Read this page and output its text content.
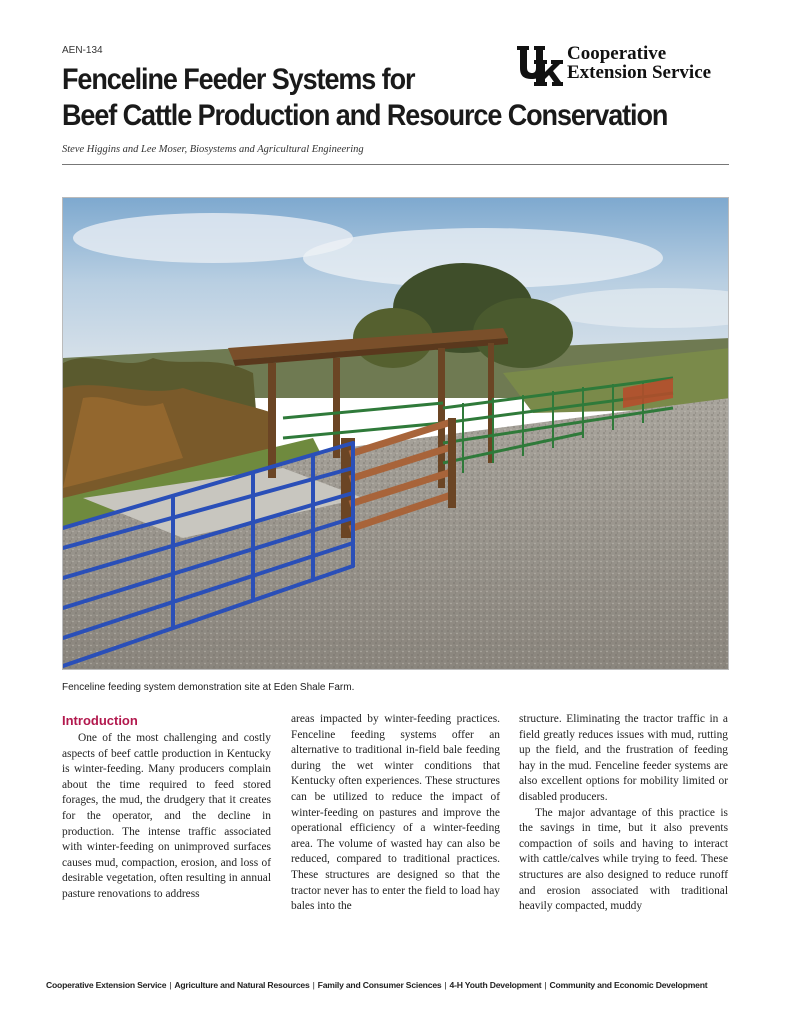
AEN-134	Cooperative
Extension Service
Fenceline Feeder Systems for
Beef Cattle Production and Resource Conservation
Steve Higgins and Lee Moser, Biosystems and Agricultural Engineering
Fenceline feeding system demonstration site at Eden Shale Farm.
Introduction

One of the most challenging and costly aspects of beef cattle production in Kentucky is winter-feeding. Many producers complain about the time required to feed stored forages, the mud, the drudgery that it creates for the operator, and the decline in production. The intense traffic associated with winter-feeding on unimproved surfaces causes mud, compaction, erosion, and loss of desirable vegetation, often resulting in annual pasture renovations to address

areas impacted by winter-feeding practices. Fenceline feeding systems offer an alternative to traditional in-field bale feeding during the wet winter conditions that Kentucky often experiences. These structures can be utilized to reduce the impact of winter-feeding on pastures and improve the operational efficiency of a winter-feeding area. The volume of wasted hay can also be reduced, compared to traditional practices. These structures are designed so that the tractor never has to enter the field to load hay bales into the

structure. Eliminating the tractor traffic in a field greatly reduces issues with mud, rutting up the field, and the frustration of feeding hay in the mud. Fenceline feeder systems are also excellent options for mobility limited or disabled producers.

The major advantage of this practice is the savings in time, but it also prevents compaction of soils and having to interact with cattle/calves while trying to feed. These structures are also designed to reduce runoff and erosion associated with traditional heavily compacted, muddy

Cooperative Extension Service | Agriculture and Natural Resources | Family and Consumer Sciences | 4-H Youth Development | Community and Economic Development
